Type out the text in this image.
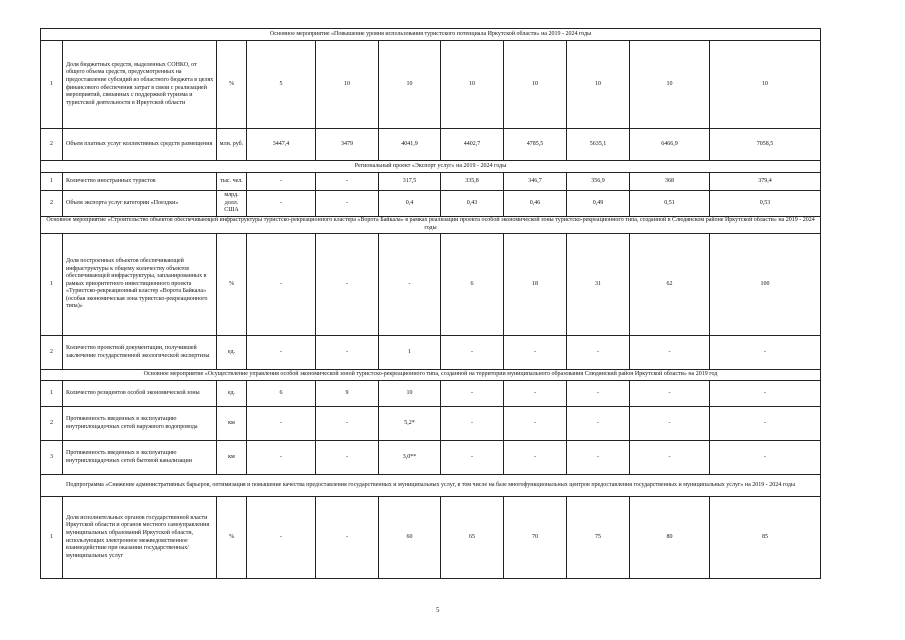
Основное мероприятие «Повышение уровня использования туристского потенциала Иркутской области» на 2019 - 2024 годы										
1	Доля бюджетных средств, выделенных СОНКО, от общего объема средств, предусмотренных на предоставление субсидий из областного бюджета в целях финансового обеспечения затрат в связи с реализацией мероприятий, связанных с поддержкой туризма и туристской деятельности в Иркутской области	%	5	10	10	10	10	10	10	10
2	Объем платных услуг коллективных средств размещения	млн. руб.	3447,4	3479	4041,9	4402,7	4785,5	5635,1	6466,9	7058,5
Региональный проект «Экспорт услуг» на 2019 - 2024 годы										
1	Количество иностранных туристов	тыс. чел.	-	-	317,5	335,8	346,7	356,9	368	379,4
2	Объем экспорта услуг категории «Поездки»	млрд. долл. США	-	-	0,4	0,43	0,46	0,49	0,51	0,53
Основное мероприятие «Строительство объектов обеспечивающей инфраструктуры туристско-рекреационного кластера «Ворота Байкала» в рамках реализации проекта особой экономической зоны туристско-рекреационного типа, созданной в Слюдянском районе Иркутской области» на 2019 - 2024 годы										
1	Доля построенных объектов обеспечивающей инфраструктуры к общему количеству объектов обеспечивающей инфраструктуры, запланированных в рамках приоритетного инвестиционного проекта «Туристско-рекреационный кластер «Ворота Байкала» (особая экономическая зона туристско-рекреационного типа)»	%	-	-	-	6	18	31	62	100
2	Количество проектной документации, получившей заключение государственной экологической экспертизы	ед.	-	-	1	-	-	-	-	-
Основное мероприятие «Осуществление управления особой экономической зоной туристско-рекреационного типа, созданной на территории муниципального образования Слюдянский район Иркутской области» на 2019 год										
1	Количество резидентов особой экономической зоны	ед.	6	9	10	-	-	-	-	-
2	Протяженность введенных в эксплуатацию внутриплощадочных сетей наружного водопровода	км	-	-	5,2*	-	-	-	-	-
3	Протяженность введенных в эксплуатацию внутриплощадочных сетей бытовой канализации	км	-	-	3,0**	-	-	-	-	-
Подпрограмма «Снижение административных барьеров, оптимизация и повышение качества предоставления государственных и муниципальных услуг, в том числе на базе многофункциональных центров предоставления государственных и муниципальных услуг» на 2019 - 2024 годы										
1	Доля исполнительных органов государственной власти Иркутской области и органов местного самоуправления муниципальных образований Иркутской области, использующих электронное межведомственное взаимодействие при оказании государственных/муниципальных услуг	%	-	-	60	65	70	75	80	85
5
